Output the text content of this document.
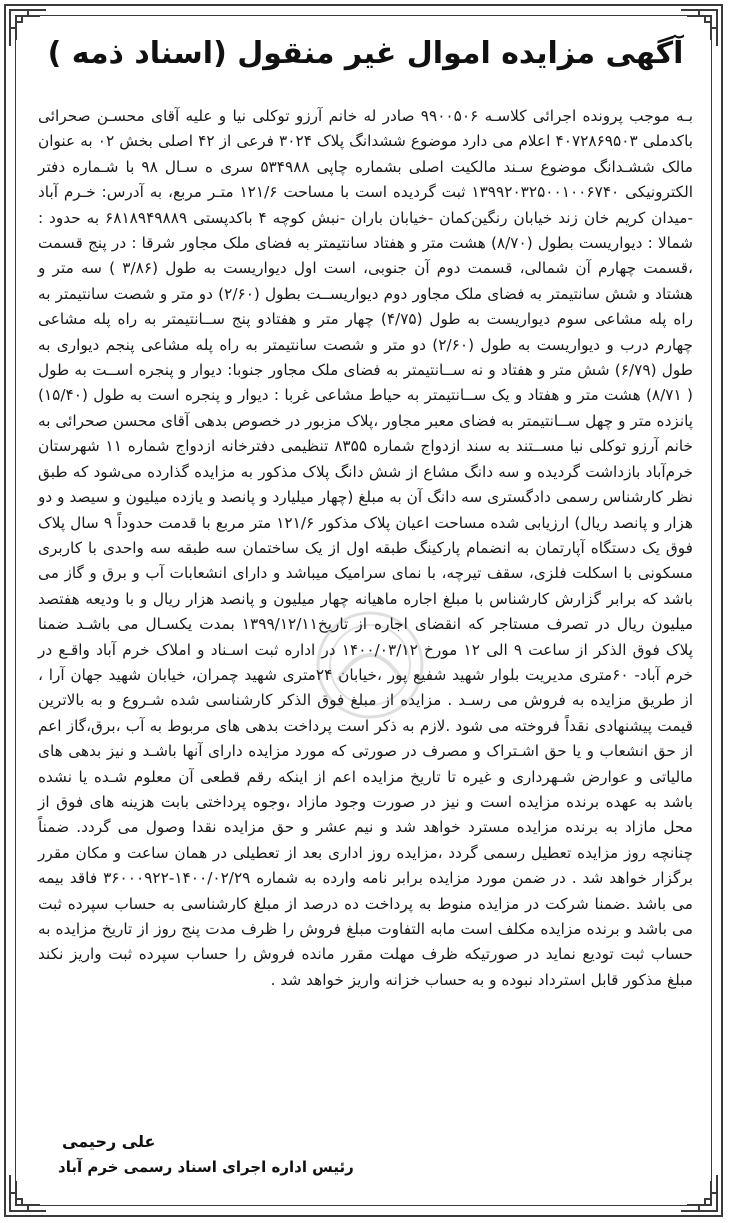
آگهی مزایده اموال غیر منقول (اسناد ذمه )
بـه موجب پرونده اجرائی کلاسـه ۹۹۰۰۵۰۶ صادر له خانم آرزو توکلی نیا و علیه آقای محسـن صحرائی باکدملی ۴۰۷۲۸۶۹۵۰۳ اعلام می دارد موضوع ششدانگ پلاک ۳۰۲۴ فرعی از ۴۲ اصلی بخش ۰۲ به عنوان مالک ششـدانگ موضوع سـند مالکیت اصلی بشماره چاپی ۵۳۴۹۸۸ سری ه سـال ۹۸ با شـماره دفتر الکترونیکی ۱۳۹۹۲۰۳۲۵۰۰۱۰۰۶۷۴۰ ثبت گردیده است با مساحت ۱۲۱/۶ متـر مربع، به آدرس: خـرم آباد -میدان کریم خان زند خیابان رنگین‌کمان -خیابان باران -نبش کوچه ۴ باکدپستی ۶۸۱۸۹۴۹۸۸۹ به حدود : شمالا : دیواریست بطول (۸/۷۰) هشت متر و هفتاد سانتیمتر به فضای ملک مجاور شرقا : در پنج قسمت ،قسمت چهارم آن شمالی، قسمت دوم آن جنوبی، است اول دیواریست به طول (۳/۸۶ ) سه متر و هشتاد و شش سانتیمتر به فضای ملک مجاور دوم دیواریســت بطول (۲/۶۰) دو متر و شصت سانتیمتر به راه پله مشاعی سوم دیواریست به طول (۴/۷۵) چهار متر و هفتادو پنج ســانتیمتر به راه پله مشاعی چهارم درب و دیواریست به طول (۲/۶۰) دو متر و شصت سانتیمتر به راه پله مشاعی پنجم دیواری به طول (۶/۷۹) شش متر و هفتاد و نه ســانتیمتر به فضای ملک مجاور جنوبا: دیوار و پنجره اســت به طول ( ۸/۷۱) هشت متر و هفتاد و یک ســانتیمتر به حیاط مشاعی غربا : دیوار و پنجره است به طول (۱۵/۴۰) پانزده متر و چهل ســانتیمتر به فضای معبر مجاور ،پلاک مزبور در خصوص بدهی آقای محسن صحرائی به خانم آرزو توکلی نیا مســتند به سند ازدواج شماره ۸۳۵۵ تنظیمی دفترخانه ازدواج شماره ۱۱ شهرستان خرم‌آباد بازداشت گردیده و سه دانگ مشاع از شش دانگ پلاک مذکور به مزایده گذارده می‌شود که طبق نظر کارشناس رسمی دادگستری سه دانگ آن به مبلغ (چهار میلیارد و پانصد و یازده میلیون و سیصد و دو هزار و پانصد ریال) ارزیابی شده مساحت اعیان پلاک مذکور ۱۲۱/۶ متر مربع با قدمت حدوداً ۹ سال پلاک فوق یک دستگاه آپارتمان به انضمام پارکینگ طبقه اول از یک ساختمان سه طبقه سه واحدی با کاربری مسکونی با اسکلت فلزی، سقف تیرچه، با نمای سرامیک میباشد و دارای انشعابات آب و برق و گاز می باشد که برابر گزارش کارشناس با مبلغ اجاره ماهیانه چهار میلیون و پانصد هزار ریال و با ودیعه هفتصد میلیون ریال در تصرف مستاجر که انقضای اجاره از تاریخ۱۳۹۹/۱۲/۱۱ بمدت یکسـال می باشـد ضمنا پلاک فوق الذکر از ساعت ۹ الی ۱۲ مورخ ۱۴۰۰/۰۳/۱۲ در اداره ثبت اسـناد و املاک خرم آباد واقـع در خرم آباد- ۶۰متری مدیریت بلوار شهید شفیع پور ،خیابان ۲۴متری شهید چمران، خیابان شهید جهان آرا ، از طریق مزایده به فروش می رسـد . مزایده از مبلغ فوق الذکر کارشناسی شده شـروع و به بالاترین قیمت پیشنهادی نقداً فروخته می شود .لازم به ذکر است پرداخت بدهی های مربوط به آب ،برق،گاز اعم از حق انشعاب و یا حق اشـتراک و مصرف در صورتی که مورد مزایده دارای آنها باشـد و نیز بدهی های مالیاتی و عوارض شـهرداری و غیره تا تاریخ مزایده اعم از اینکه رقم قطعی آن معلوم شـده یا نشده باشد به عهده برنده مزایده است و نیز در صورت وجود مازاد ،وجوه پرداختی بابت هزینه های فوق از محل مازاد به برنده مزایده مسترد خواهد شد و نیم عشر و حق مزایده نقدا وصول می گردد. ضمناً چنانچه روز مزایده تعطیل رسمی گردد ،مزایده روز اداری بعد از تعطیلی در همان ساعت و مکان مقرر برگزار خواهد شد . در ضمن مورد مزایده برابر نامه وارده به شماره ۱۴۰۰/۰۲/۲۹-۳۶۰۰۰۹۲۲ فاقد بیمه می باشد .ضمنا شرکت در مزایده منوط به پرداخت ده درصد از مبلغ کارشناسی به حساب سپرده ثبت می باشد و برنده مزایده مکلف است مابه التفاوت مبلغ فروش را ظرف مدت پنج روز از تاریخ مزایده به حساب ثبت تودیع نماید در صورتیکه ظرف مهلت مقرر مانده فروش را حساب سپرده ثبت واریز نکند مبلغ مذکور قابل استرداد نبوده و به حساب خزانه واریز خواهد شد .
علی رحیمی
رئیس اداره اجرای اسناد رسمی خرم آباد
